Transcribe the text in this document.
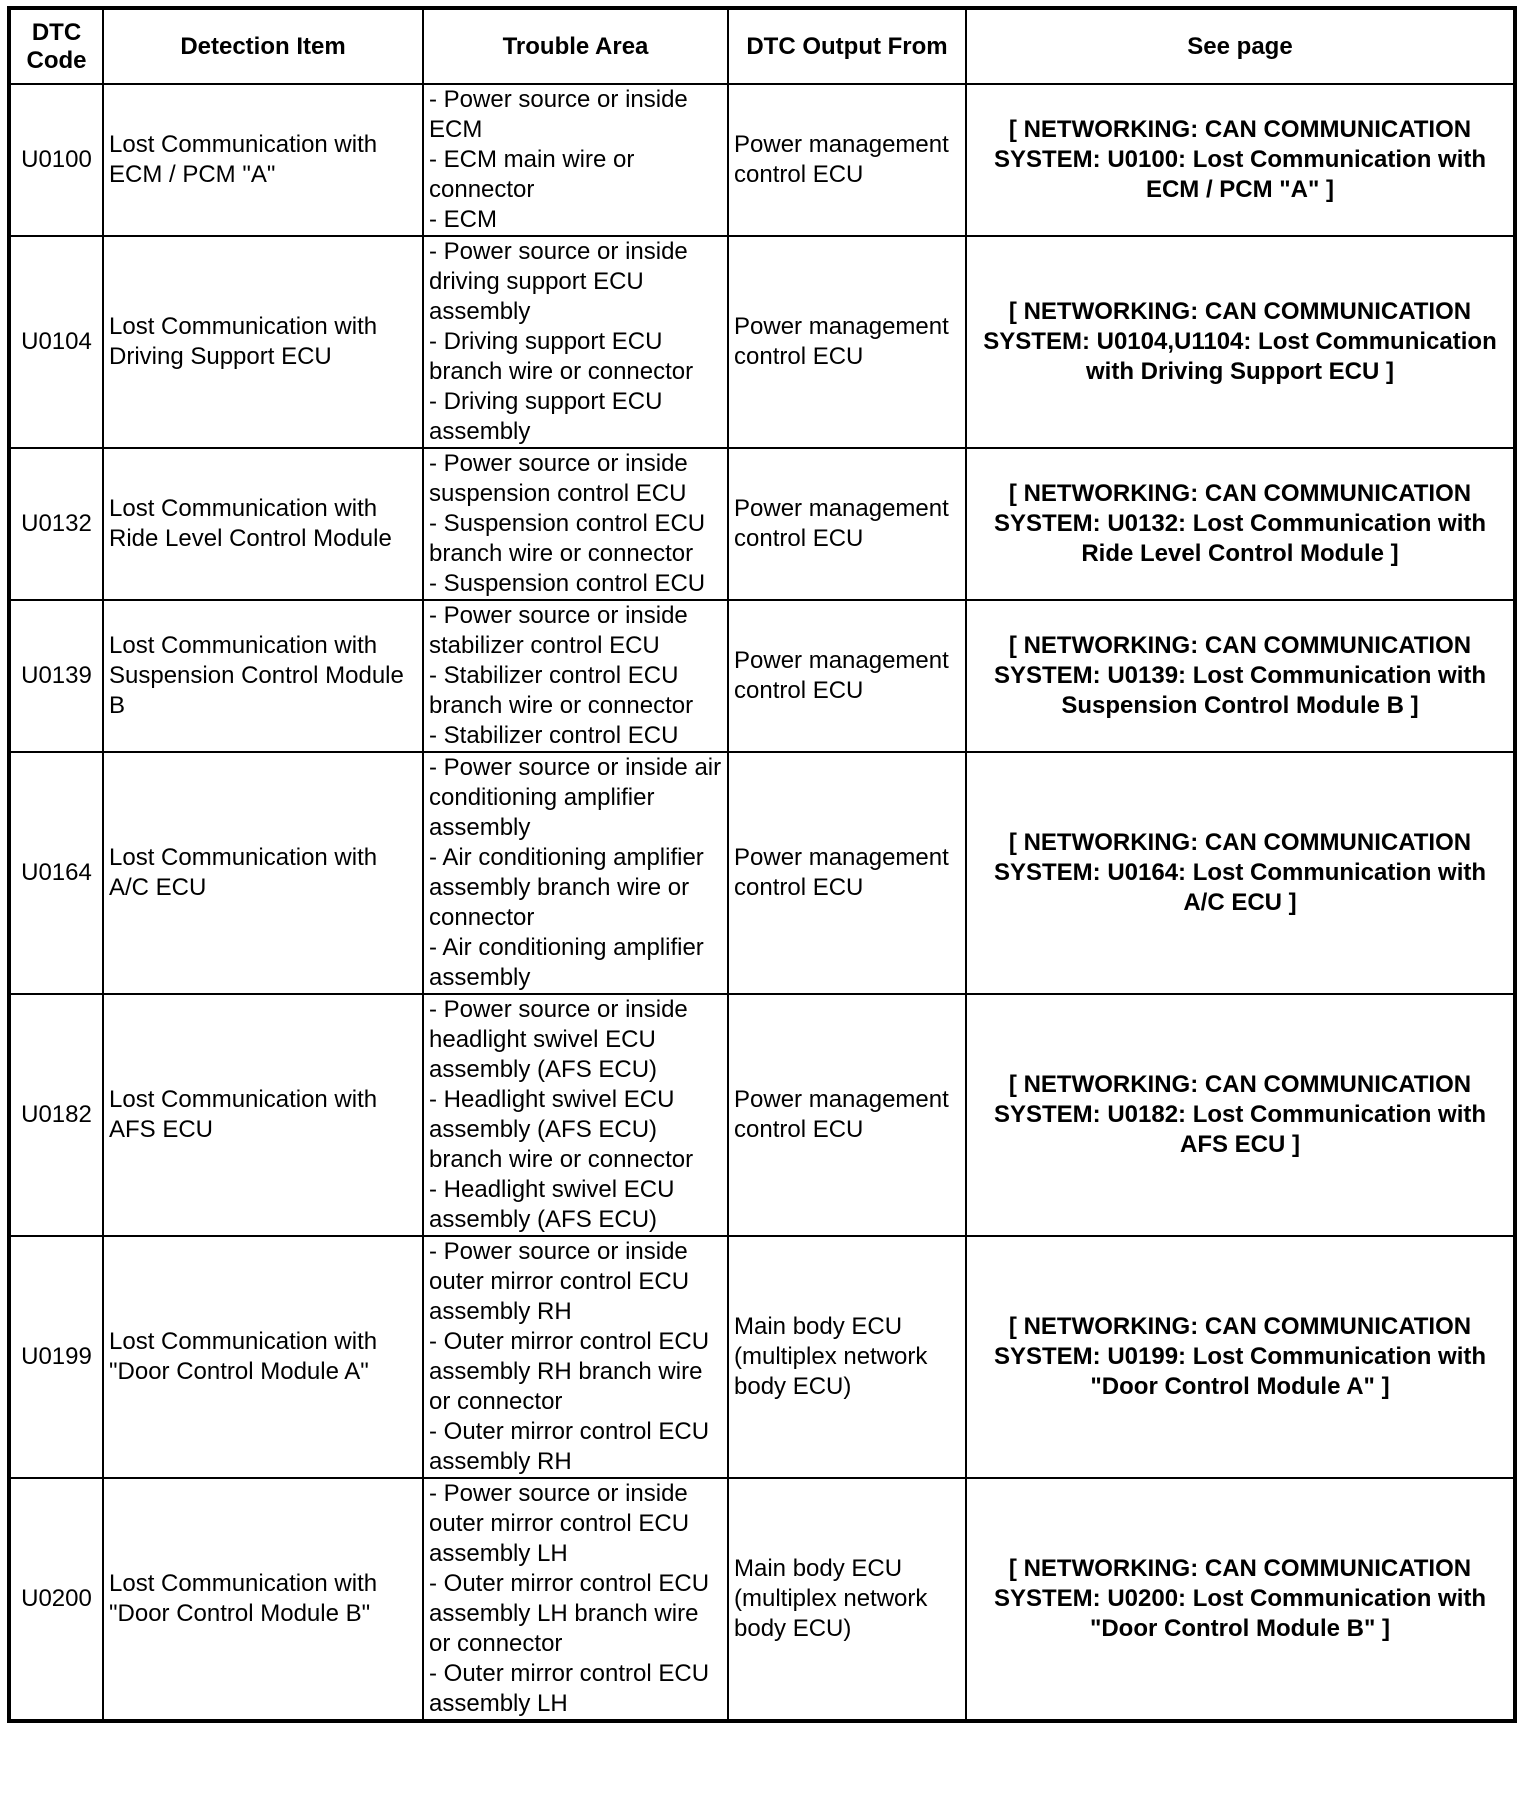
DTC Code	Detection Item	Trouble Area	DTC Output From	See page
U0100	Lost Communication with ECM / PCM "A"	- Power source or inside ECM
- ECM main wire or connector
- ECM	Power management control ECU	[ NETWORKING: CAN COMMUNICATION SYSTEM: U0100: Lost Communication with ECM / PCM "A" ]
U0104	Lost Communication with Driving Support ECU	- Power source or inside driving support ECU assembly
- Driving support ECU branch wire or connector
- Driving support ECU assembly	Power management control ECU	[ NETWORKING: CAN COMMUNICATION SYSTEM: U0104,U1104: Lost Communication with Driving Support ECU ]
U0132	Lost Communication with Ride Level Control Module	- Power source or inside suspension control ECU
- Suspension control ECU branch wire or connector
- Suspension control ECU	Power management control ECU	[ NETWORKING: CAN COMMUNICATION SYSTEM: U0132: Lost Communication with Ride Level Control Module ]
U0139	Lost Communication with Suspension Control Module B	- Power source or inside stabilizer control ECU
- Stabilizer control ECU branch wire or connector
- Stabilizer control ECU	Power management control ECU	[ NETWORKING: CAN COMMUNICATION SYSTEM: U0139: Lost Communication with Suspension Control Module B ]
U0164	Lost Communication with A/C ECU	- Power source or inside air conditioning amplifier assembly
- Air conditioning amplifier assembly branch wire or connector
- Air conditioning amplifier assembly	Power management control ECU	[ NETWORKING: CAN COMMUNICATION SYSTEM: U0164: Lost Communication with A/C ECU ]
U0182	Lost Communication with AFS ECU	- Power source or inside headlight swivel ECU assembly (AFS ECU)
- Headlight swivel ECU assembly (AFS ECU) branch wire or connector
- Headlight swivel ECU assembly (AFS ECU)	Power management control ECU	[ NETWORKING: CAN COMMUNICATION SYSTEM: U0182: Lost Communication with AFS ECU ]
U0199	Lost Communication with "Door Control Module A"	- Power source or inside outer mirror control ECU assembly RH
- Outer mirror control ECU assembly RH branch wire or connector
- Outer mirror control ECU assembly RH	Main body ECU (multiplex network body ECU)	[ NETWORKING: CAN COMMUNICATION SYSTEM: U0199: Lost Communication with "Door Control Module A" ]
U0200	Lost Communication with "Door Control Module B"	- Power source or inside outer mirror control ECU assembly LH
- Outer mirror control ECU assembly LH branch wire or connector
- Outer mirror control ECU assembly LH	Main body ECU (multiplex network body ECU)	[ NETWORKING: CAN COMMUNICATION SYSTEM: U0200: Lost Communication with "Door Control Module B" ]
